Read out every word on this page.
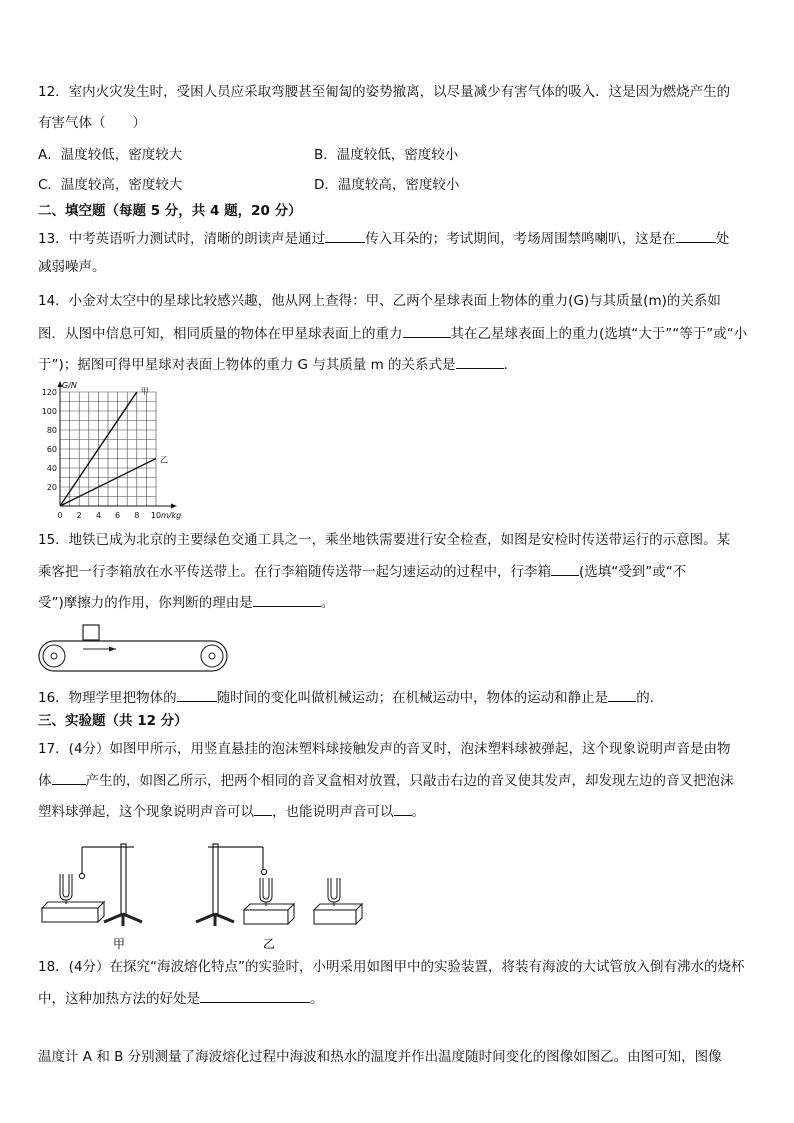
12．室内火灾发生时，受困人员应采取弯腰甚至匍匐的姿势撤离，以尽量减少有害气体的吸入．这是因为燃烧产生的
有害气体（　　）
A．温度较低，密度较大	B．温度较低，密度较小
C．温度较高，密度较大	D．温度较高，密度较小
二、填空题（每题 5 分，共 4 题，20 分）
13．中考英语听力测试时，清晰的朗读声是通过	传入耳朵的；考试期间，考场周围禁鸣喇叭，这是在	处
减弱噪声。
14．小金对太空中的星球比较感兴趣，他从网上查得：甲、乙两个星球表面上物体的重力(G)与其质量(m)的关系如
图．从图中信息可知，相同质量的物体在甲星球表面上的重力	其在乙星球表面上的重力(选填“大于”“等于”或“小
于”)；据图可得甲星球对表面上物体的重力 G 与其质量 m 的关系式是	．
20
40
60
80
100
120
0 2 4 6 8 10
G/N
m/kg
甲
乙
15．地铁已成为北京的主要绿色交通工具之一，乘坐地铁需要进行安全检查，如图是安检时传送带运行的示意图。某
乘客把一行李箱放在水平传送带上。在行李箱随传送带一起匀速运动的过程中，行李箱 (选填“受到”或“不
受”)摩擦力的作用，你判断的理由是	。
16．物理学里把物体的	随时间的变化叫做机械运动；在机械运动中，物体的运动和静止是 的．
三、实验题（共 12 分）
17．(4分）如图甲所示，用竖直悬挂的泡沫塑料球接触发声的音叉时，泡沫塑料球被弹起，这个现象说明声音是由物
体	产生的，如图乙所示，把两个相同的音叉盒相对放置，只敲击右边的音叉使其发声，却发现左边的音叉把泡沫
塑料球弹起，这个现象说明声音可以 ，也能说明声音可以 。
甲	乙
18．(4分）在探究“海波熔化特点”的实验时，小明采用如图甲中的实验装置，将装有海波的大试管放入倒有沸水的烧杯
中，这种加热方法的好处是	。
温度计 A 和 B 分别测量了海波熔化过程中海波和热水的温度并作出温度随时间变化的图像如图乙。由图可知，图像
